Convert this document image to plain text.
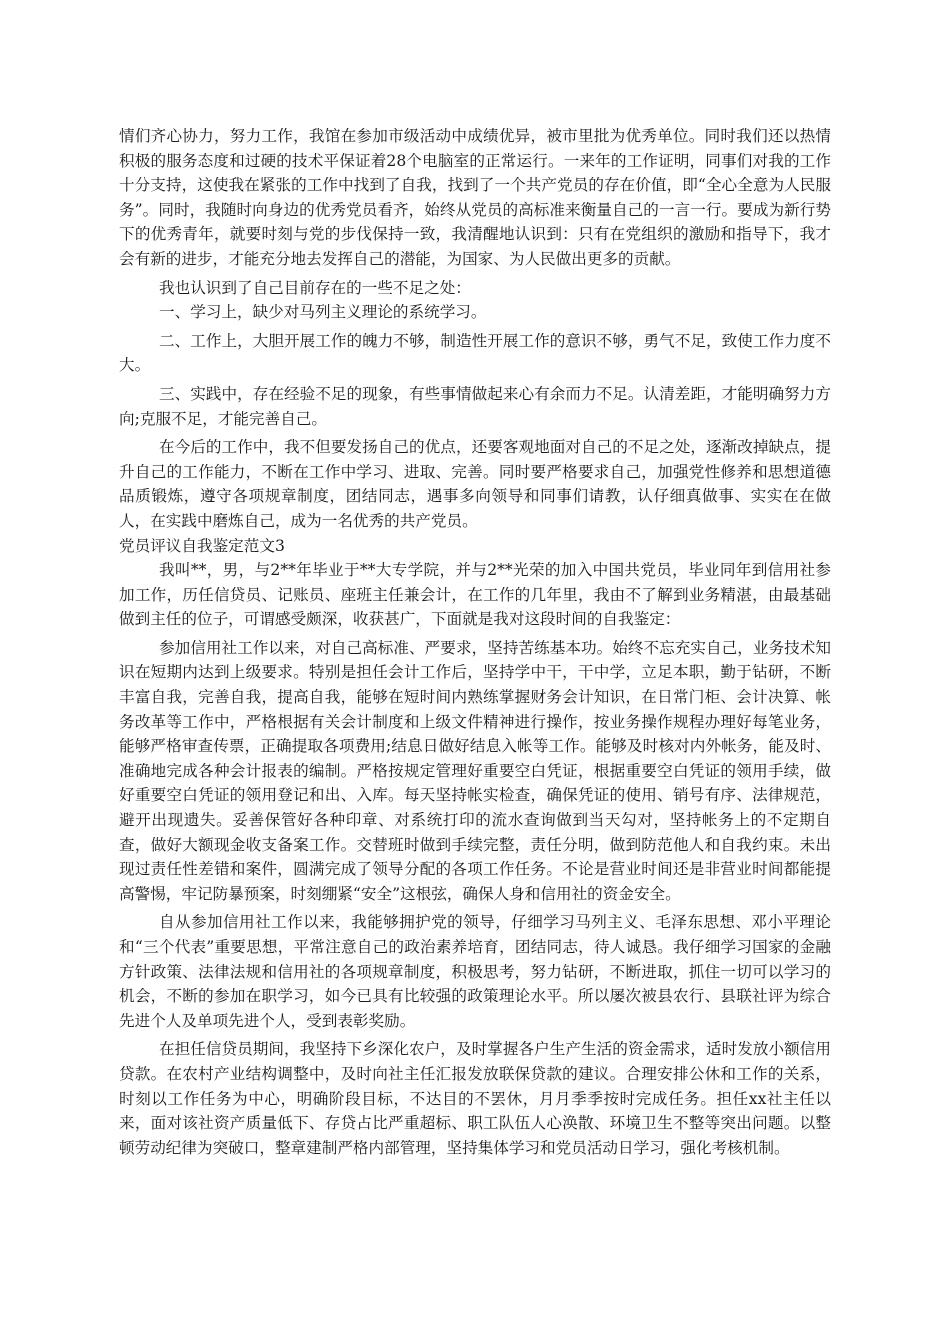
情们齐心协力，努力工作，我馆在参加市级活动中成绩优异，被市里批为优秀单位。同时我们还以热情积极的服务态度和过硬的技术平保证着28个电脑室的正常运行。一来年的工作证明，同事们对我的工作十分支持，这使我在紧张的工作中找到了自我，找到了一个共产党员的存在价值，即“全心全意为人民服务”。同时，我随时向身边的优秀党员看齐，始终从党员的高标准来衡量自己的一言一行。要成为新行势下的优秀青年，就要时刻与党的步伐保持一致，我清醒地认识到：只有在党组织的激励和指导下，我才会有新的进步，才能充分地去发挥自己的潜能，为国家、为人民做出更多的贡献。

我也认识到了自己目前存在的一些不足之处：

一、学习上，缺少对马列主义理论的系统学习。

二、工作上，大胆开展工作的魄力不够，制造性开展工作的意识不够，勇气不足，致使工作力度不大。

三、实践中，存在经验不足的现象，有些事情做起来心有余而力不足。认清差距，才能明确努力方向;克服不足，才能完善自己。

在今后的工作中，我不但要发扬自己的优点，还要客观地面对自己的不足之处，逐渐改掉缺点，提升自己的工作能力，不断在工作中学习、进取、完善。同时要严格要求自己，加强党性修养和思想道德品质锻炼，遵守各项规章制度，团结同志，遇事多向领导和同事们请教，认仔细真做事、实实在在做人，在实践中磨炼自己，成为一名优秀的共产党员。

党员评议自我鉴定范文3

我叫**，男，与2**年毕业于**大专学院，并与2**光荣的加入中国共党员，毕业同年到信用社参加工作，历任信贷员、记账员、座班主任兼会计，在工作的几年里，我由不了解到业务精湛，由最基础做到主任的位子，可谓感受颇深，收获甚广，下面就是我对这段时间的自我鉴定：

参加信用社工作以来，对自己高标准、严要求，坚持苦练基本功。始终不忘充实自己，业务技术知识在短期内达到上级要求。特别是担任会计工作后，坚持学中干，干中学，立足本职，勤于钻研，不断丰富自我，完善自我，提高自我，能够在短时间内熟练掌握财务会计知识，在日常门柜、会计决算、帐务改革等工作中，严格根据有关会计制度和上级文件精神进行操作，按业务操作规程办理好每笔业务，能够严格审查传票，正确提取各项费用;结息日做好结息入帐等工作。能够及时核对内外帐务，能及时、准确地完成各种会计报表的编制。严格按规定管理好重要空白凭证，根据重要空白凭证的领用手续，做好重要空白凭证的领用登记和出、入库。每天坚持帐实检查，确保凭证的使用、销号有序、法律规范，避开出现遗失。妥善保管好各种印章、对系统打印的流水查询做到当天勾对，坚持帐务上的不定期自查，做好大额现金收支备案工作。交替班时做到手续完整，责任分明，做到防范他人和自我约束。未出现过责任性差错和案件，圆满完成了领导分配的各项工作任务。不论是营业时间还是非营业时间都能提高警惕，牢记防暴预案，时刻绷紧“安全”这根弦，确保人身和信用社的资金安全。

自从参加信用社工作以来，我能够拥护党的领导，仔细学习马列主义、毛泽东思想、邓小平理论和“三个代表”重要思想，平常注意自己的政治素养培育，团结同志，待人诚恳。我仔细学习国家的金融方针政策、法律法规和信用社的各项规章制度，积极思考，努力钻研，不断进取，抓住一切可以学习的机会，不断的参加在职学习，如今已具有比较强的政策理论水平。所以屡次被县农行、县联社评为综合先进个人及单项先进个人，受到表彰奖励。

在担任信贷员期间，我坚持下乡深化农户，及时掌握各户生产生活的资金需求，适时发放小额信用贷款。在农村产业结构调整中，及时向社主任汇报发放联保贷款的建议。合理安排公休和工作的关系，时刻以工作任务为中心，明确阶段目标，不达目的不罢休，月月季季按时完成任务。担任xx社主任以来，面对该社资产质量低下、存贷占比严重超标、职工队伍人心涣散、环境卫生不整等突出问题。以整顿劳动纪律为突破口，整章建制严格内部管理，坚持集体学习和党员活动日学习，强化考核机制。
